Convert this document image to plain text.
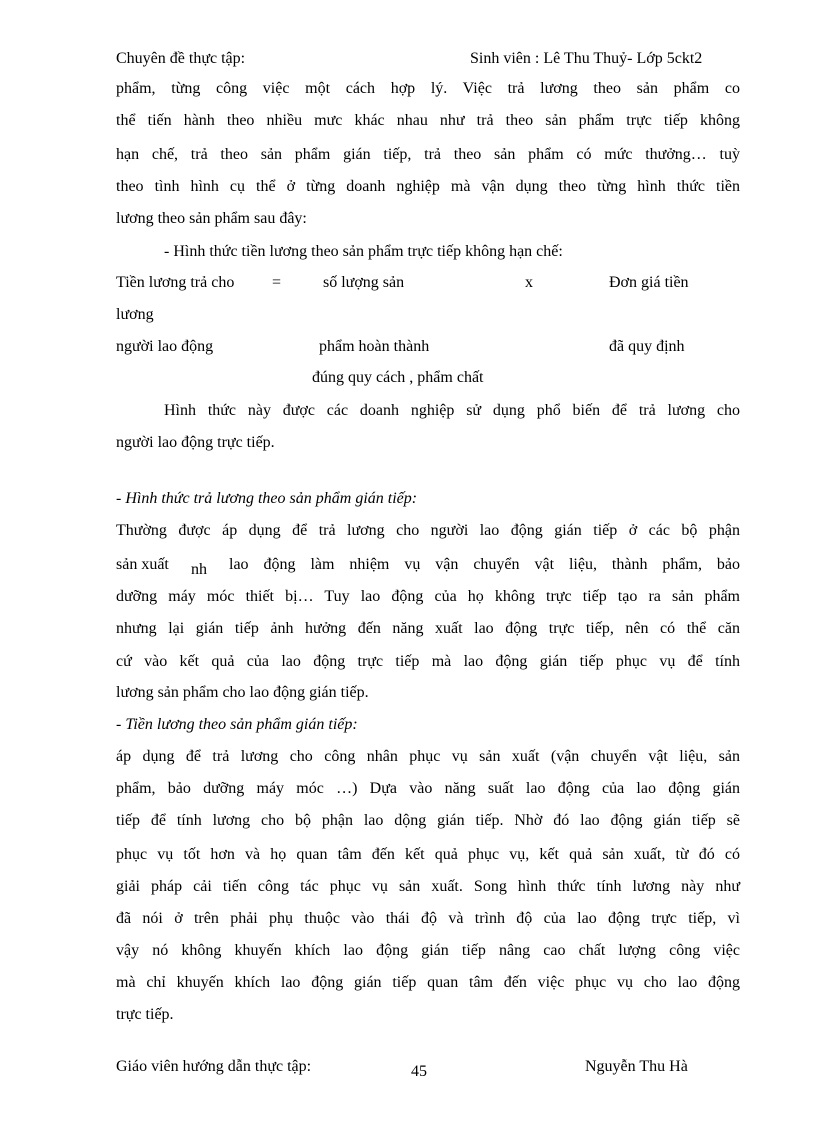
Chuyên đề thực tập:	Sinh viên : Lê Thu Thuỷ- Lớp 5ckt2
phẩm, từng công việc một cách hợp lý. Việc trả lương theo sản phẩm co
thể tiến hành theo nhiều mưc khác nhau như trả theo sản phẩm trực tiếp không
hạn chế, trả theo sản phẩm gián tiếp, trả theo sản phẩm có mức thưởng… tuỳ
theo tình hình cụ thể ở từng doanh nghiệp mà vận dụng theo từng hình thức tiền
lương theo sản phẩm sau đây:
- Hình thức tiền lương theo sản phẩm trực tiếp không hạn chế:
Tiền lương trả cho =	số lượng sản	x	Đơn giá tiền
lương
người lao động	phẩm hoàn thành	đã quy định
đúng quy cách , phẩm chất
Hình thức này được các doanh nghiệp sử dụng phổ biến để trả lương cho
người lao động trực tiếp.
- Hình thức trả lương theo sản phẩm gián tiếp:
Thường được áp dụng để trả lương cho người lao động gián tiếp ở các bộ phận
sản xuất nh lao động làm nhiệm vụ vận chuyển vật liệu, thành phẩm, bảo
dưỡng máy móc thiết bị… Tuy lao động của họ không trực tiếp tạo ra sản phẩm
nhưng lại gián tiếp ảnh hưởng đến năng xuất lao động trực tiếp, nên có thể căn
cứ vào kết quả của lao động trực tiếp mà lao động gián tiếp phục vụ để tính
lương sản phẩm cho lao động gián tiếp.
- Tiền lương theo sản phẩm gián tiếp:
áp dụng để trả lương cho công nhân phục vụ sản xuất (vận chuyển vật liệu, sản
phẩm, bảo dưỡng máy móc …) Dựa vào năng suất lao động của lao động gián
tiếp để tính lương cho bộ phận lao dộng gián tiếp. Nhờ đó lao động gián tiếp sẽ
phục vụ tốt hơn và họ quan tâm đến kết quả phục vụ, kết quả sản xuất, từ đó có
giải pháp cải tiến công tác phục vụ sản xuất. Song hình thức tính lương này như
đã nói ở trên phải phụ thuộc vào thái độ và trình độ của lao động trực tiếp, vì
vậy nó không khuyến khích lao động gián tiếp nâng cao chất lượng công việc
mà chỉ khuyến khích lao động gián tiếp quan tâm đến việc phục vụ cho lao động
trực tiếp.
Giáo viên hướng dẫn thực tập:	45	Nguyễn Thu Hà
